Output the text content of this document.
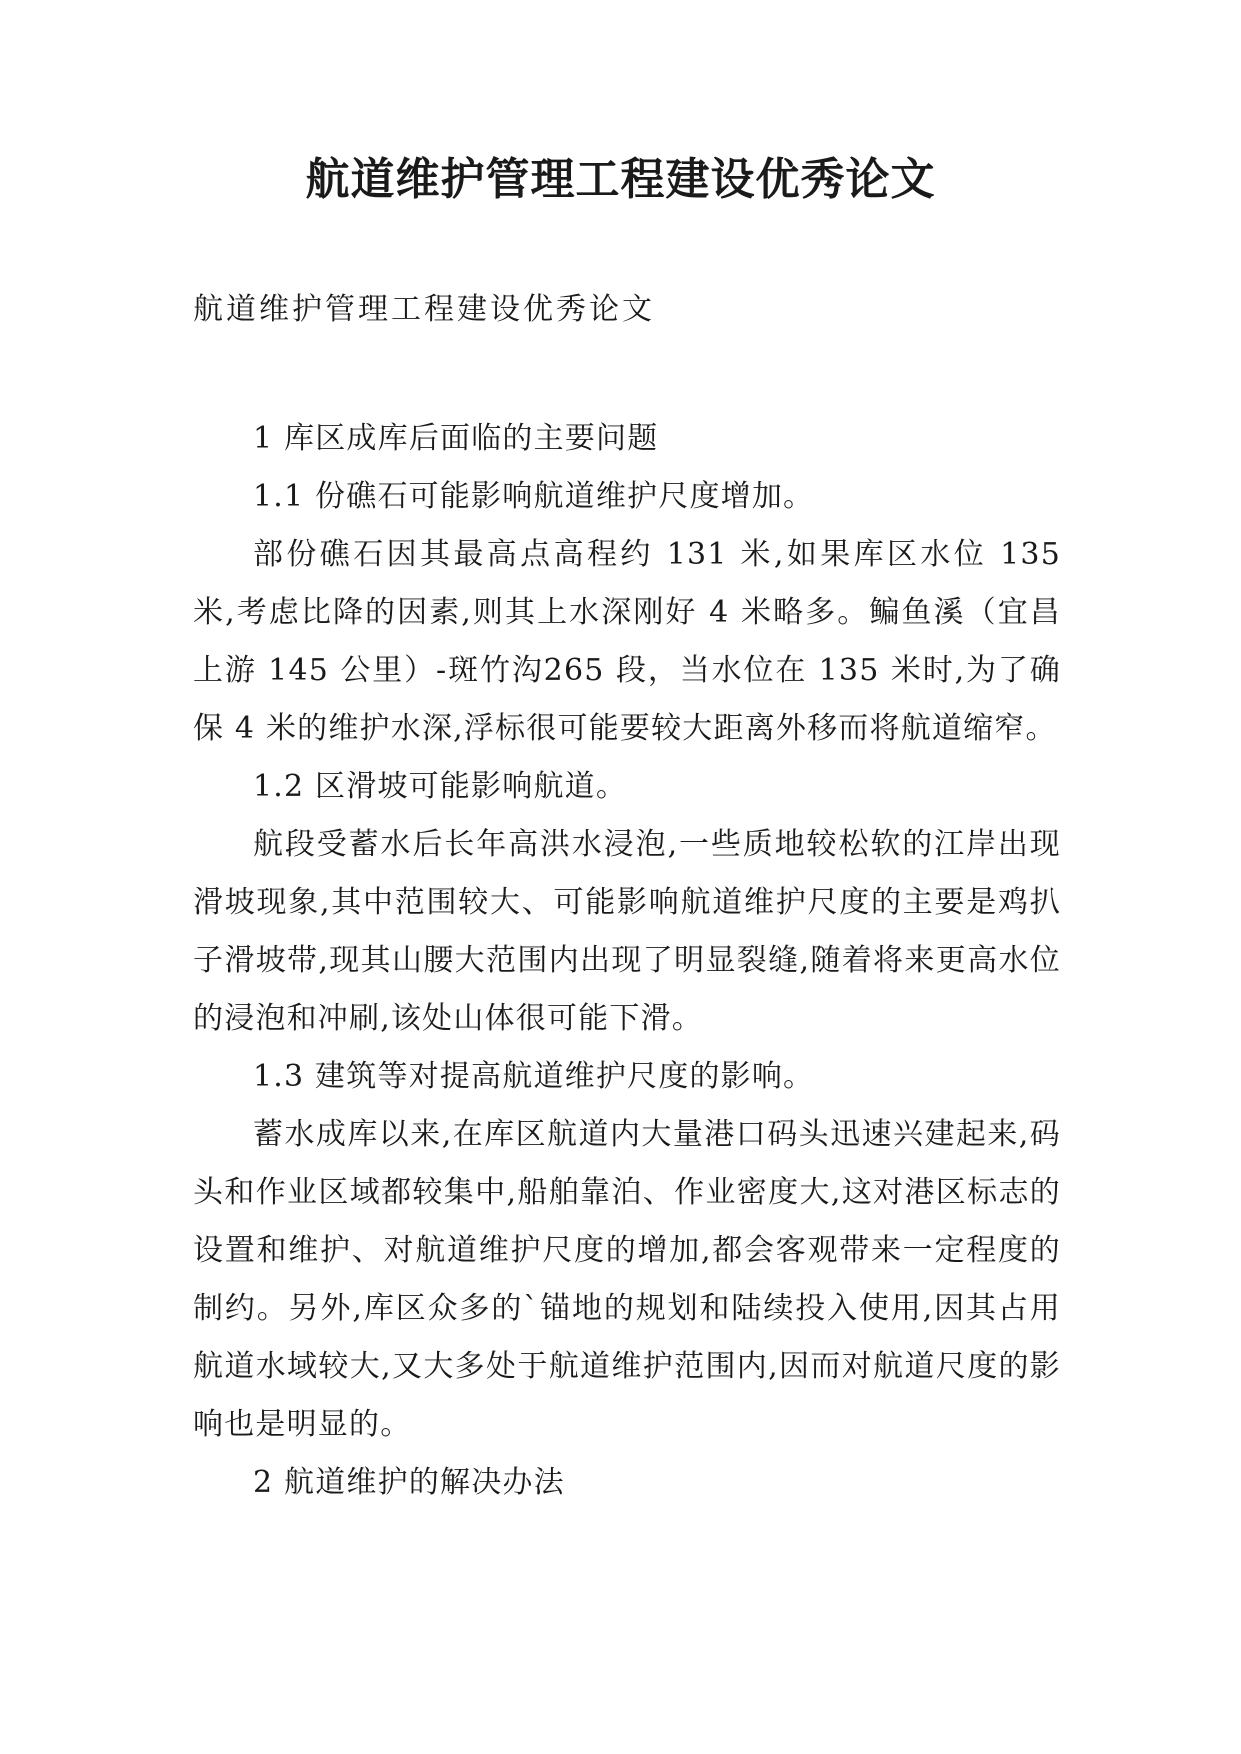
航道维护管理工程建设优秀论文
航道维护管理工程建设优秀论文

1 库区成库后面临的主要问题

1.1 份礁石可能影响航道维护尺度增加。

部份礁石因其最高点高程约 131 米,如果库区水位 135 米,考虑比降的因素,则其上水深刚好 4 米略多。鳊鱼溪（宜昌上游 145 公里）-斑竹沟265 段，当水位在 135 米时,为了确保 4 米的维护水深,浮标很可能要较大距离外移而将航道缩窄。

1.2 区滑坡可能影响航道。

航段受蓄水后长年高洪水浸泡,一些质地较松软的江岸出现滑坡现象,其中范围较大、可能影响航道维护尺度的主要是鸡扒子滑坡带,现其山腰大范围内出现了明显裂缝,随着将来更高水位的浸泡和冲刷,该处山体很可能下滑。

1.3 建筑等对提高航道维护尺度的影响。

蓄水成库以来,在库区航道内大量港口码头迅速兴建起来,码头和作业区域都较集中,船舶靠泊、作业密度大,这对港区标志的设置和维护、对航道维护尺度的增加,都会客观带来一定程度的制约。另外,库区众多的`锚地的规划和陆续投入使用,因其占用航道水域较大,又大多处于航道维护范围内,因而对航道尺度的影响也是明显的。

2 航道维护的解决办法
